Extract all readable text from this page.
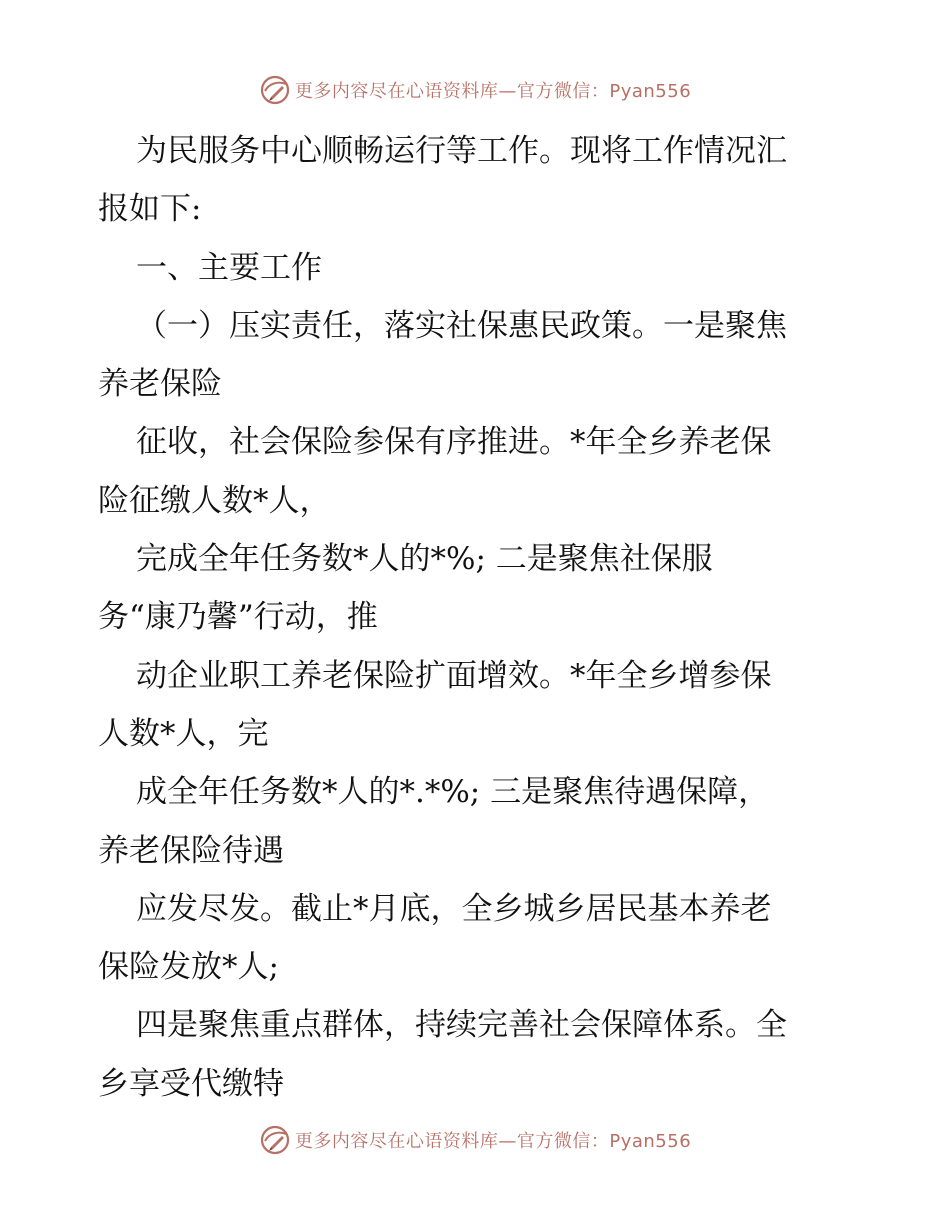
更多内容尽在心语资料库—官方微信：Pyan556
为民服务中心顺畅运行等工作。现将工作情况汇
报如下:
一、主要工作
（一）压实责任，落实社保惠民政策。一是聚焦
养老保险
征收，社会保险参保有序推进。*年全乡养老保
险征缴人数*人，
完成全年任务数*人的*%; 二是聚焦社保服
务“康乃馨”行动，推
动企业职工养老保险扩面增效。*年全乡增参保
人数*人，完
成全年任务数*人的*.*%; 三是聚焦待遇保障，
养老保险待遇
应发尽发。截止*月底，全乡城乡居民基本养老
保险发放*人;
四是聚焦重点群体，持续完善社会保障体系。全
乡享受代缴特
更多内容尽在心语资料库—官方微信：Pyan556
